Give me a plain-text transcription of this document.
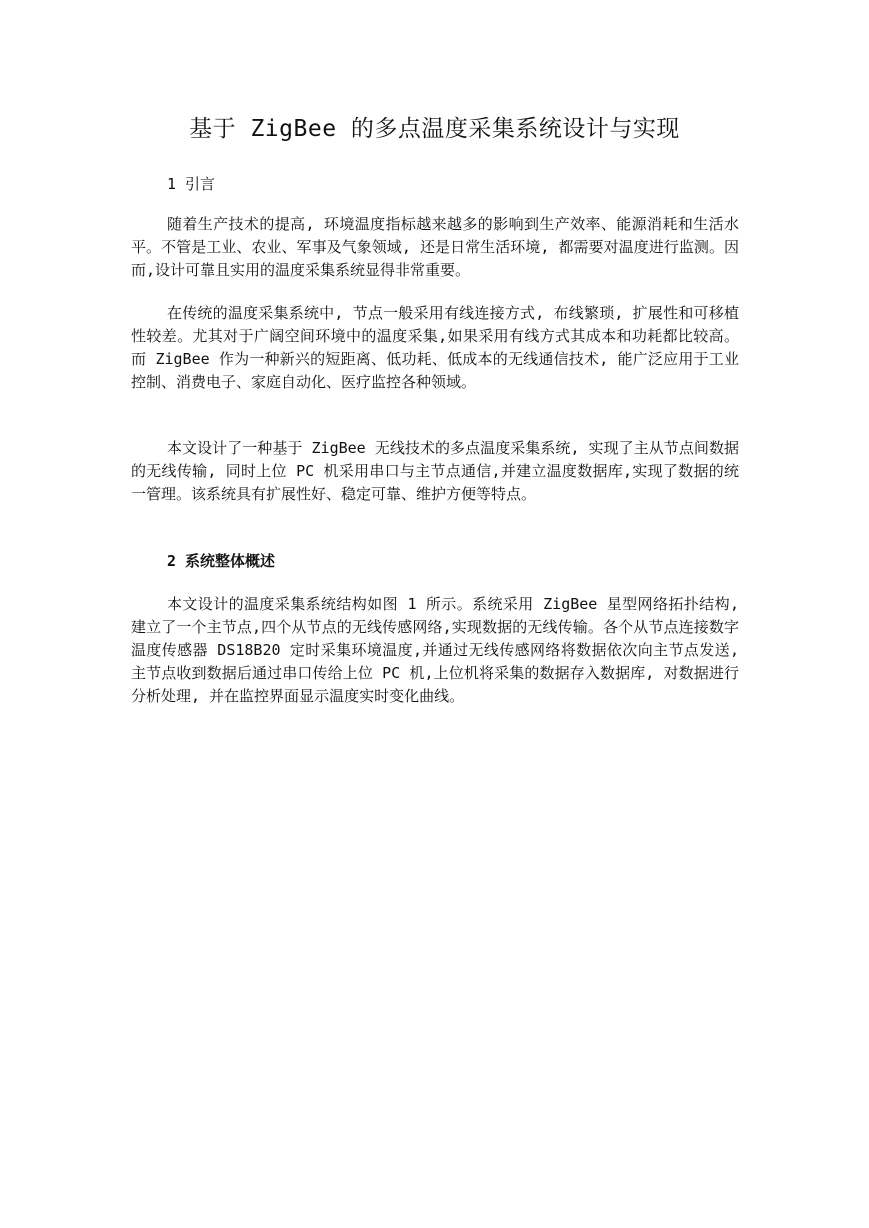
基于 ZigBee 的多点温度采集系统设计与实现
1 引言

随着生产技术的提高, 环境温度指标越来越多的影响到生产效率、能源消耗和生活水平。不管是工业、农业、军事及气象领域, 还是日常生活环境, 都需要对温度进行监测。因而,设计可靠且实用的温度采集系统显得非常重要。

在传统的温度采集系统中, 节点一般采用有线连接方式, 布线繁琐, 扩展性和可移植性较差。尤其对于广阔空间环境中的温度采集,如果采用有线方式其成本和功耗都比较高。而 ZigBee 作为一种新兴的短距离、低功耗、低成本的无线通信技术, 能广泛应用于工业控制、消费电子、家庭自动化、医疗监控各种领域。

本文设计了一种基于 ZigBee 无线技术的多点温度采集系统, 实现了主从节点间数据的无线传输, 同时上位 PC 机采用串口与主节点通信,并建立温度数据库,实现了数据的统一管理。该系统具有扩展性好、稳定可靠、维护方便等特点。

2 系统整体概述

本文设计的温度采集系统结构如图 1 所示。系统采用 ZigBee 星型网络拓扑结构,建立了一个主节点,四个从节点的无线传感网络,实现数据的无线传输。各个从节点连接数字温度传感器 DS18B20 定时采集环境温度,并通过无线传感网络将数据依次向主节点发送,主节点收到数据后通过串口传给上位 PC 机,上位机将采集的数据存入数据库, 对数据进行分析处理, 并在监控界面显示温度实时变化曲线。
